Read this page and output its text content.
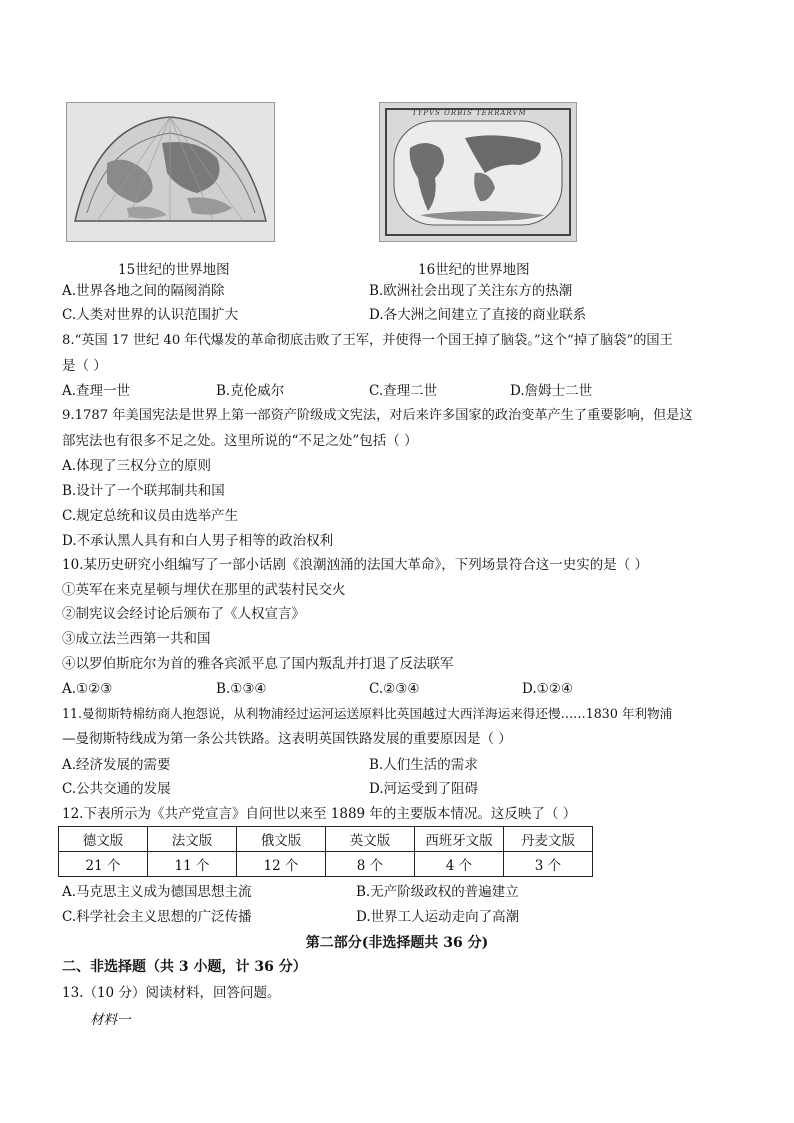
15世纪的世界地图
TYPVS ORBIS TERRARVM
16世纪的世界地图
A.世界各地之间的隔阂消除	B.欧洲社会出现了关注东方的热潮
C.人类对世界的认识范围扩大	D.各大洲之间建立了直接的商业联系
8.“英国 17 世纪 40 年代爆发的革命彻底击败了王军，并使得一个国王掉了脑袋。”这个“掉了脑袋”的国王
是（ ）
A.查理一世	B.克伦威尔	C.查理二世	D.詹姆士二世
9.1787 年美国宪法是世界上第一部资产阶级成文宪法，对后来许多国家的政治变革产生了重要影响，但是这
部宪法也有很多不足之处。这里所说的“不足之处”包括（ ）
A.体现了三权分立的原则
B.设计了一个联邦制共和国
C.规定总统和议员由选举产生
D.不承认黑人具有和白人男子相等的政治权利
10.某历史研究小组编写了一部小话剧《浪潮汹涌的法国大革命》，下列场景符合这一史实的是（ ）
①英军在来克星顿与埋伏在那里的武装村民交火
②制宪议会经讨论后颁布了《人权宣言》
③成立法兰西第一共和国
④以罗伯斯庇尔为首的雅各宾派平息了国内叛乱并打退了反法联军
A.①②③	B.①③④	C.②③④	D.①②④
11.曼彻斯特棉纺商人抱怨说，从利物浦经过运河运送原料比英国越过大西洋海运来得还慢……1830 年利物浦
—曼彻斯特线成为第一条公共铁路。这表明英国铁路发展的重要原因是（ ）
A.经济发展的需要	B.人们生活的需求
C.公共交通的发展	D.河运受到了阻碍
12.下表所示为《共产党宣言》自问世以来至 1889 年的主要版本情况。这反映了（ ）
德文版	法文版	俄文版	英文版	西班牙文版	丹麦文版
21 个	11 个	12 个	8 个	4 个	3 个
A.马克思主义成为德国思想主流	B.无产阶级政权的普遍建立
C.科学社会主义思想的广泛传播	D.世界工人运动走向了高潮
第二部分(非选择题共 36 分)
二、非选择题（共 3 小题，计 36 分）
13.（10 分）阅读材料，回答问题。
材料一
